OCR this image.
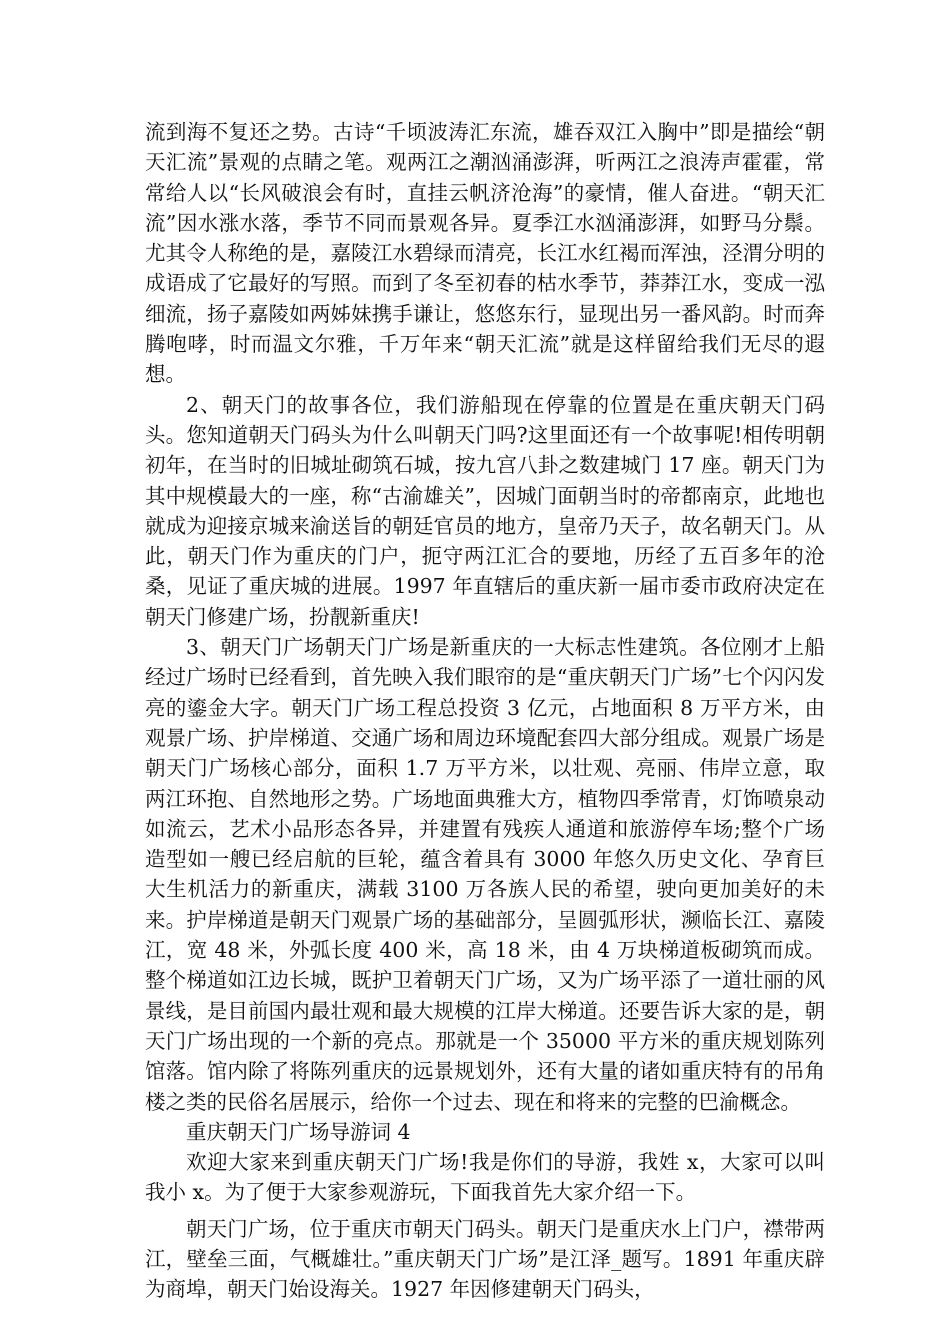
流到海不复还之势。古诗“千顷波涛汇东流，雄吞双江入胸中”即是描绘“朝天汇流”景观的点睛之笔。观两江之潮汹涌澎湃，听两江之浪涛声霍霍，常常给人以“长风破浪会有时，直挂云帆济沧海”的豪情，催人奋进。“朝天汇流”因水涨水落，季节不同而景观各异。夏季江水汹涌澎湃，如野马分鬃。尤其令人称绝的是，嘉陵江水碧绿而清亮，长江水红褐而浑浊，泾渭分明的成语成了它最好的写照。而到了冬至初春的枯水季节，莽莽江水，变成一泓细流，扬子嘉陵如两姊妹携手谦让，悠悠东行，显现出另一番风韵。时而奔腾咆哮，时而温文尔雅，千万年来“朝天汇流”就是这样留给我们无尽的遐想。

2、朝天门的故事各位，我们游船现在停靠的位置是在重庆朝天门码头。您知道朝天门码头为什么叫朝天门吗?这里面还有一个故事呢!相传明朝初年，在当时的旧城址砌筑石城，按九宫八卦之数建城门 17 座。朝天门为其中规模最大的一座，称“古渝雄关”，因城门面朝当时的帝都南京，此地也就成为迎接京城来渝送旨的朝廷官员的地方，皇帝乃天子，故名朝天门。从此，朝天门作为重庆的门户，扼守两江汇合的要地，历经了五百多年的沧桑，见证了重庆城的进展。1997 年直辖后的重庆新一届市委市政府决定在朝天门修建广场，扮靓新重庆!

3、朝天门广场朝天门广场是新重庆的一大标志性建筑。各位刚才上船经过广场时已经看到，首先映入我们眼帘的是“重庆朝天门广场”七个闪闪发亮的鎏金大字。朝天门广场工程总投资 3 亿元，占地面积 8 万平方米，由观景广场、护岸梯道、交通广场和周边环境配套四大部分组成。观景广场是朝天门广场核心部分，面积 1.7 万平方米，以壮观、亮丽、伟岸立意，取两江环抱、自然地形之势。广场地面典雅大方，植物四季常青，灯饰喷泉动如流云，艺术小品形态各异，并建置有残疾人通道和旅游停车场;整个广场造型如一艘已经启航的巨轮，蕴含着具有 3000 年悠久历史文化、孕育巨大生机活力的新重庆，满载 3100 万各族人民的希望，驶向更加美好的未来。护岸梯道是朝天门观景广场的基础部分，呈圆弧形状，濒临长江、嘉陵江，宽 48 米，外弧长度 400 米，高 18 米，由 4 万块梯道板砌筑而成。整个梯道如江边长城，既护卫着朝天门广场，又为广场平添了一道壮丽的风景线，是目前国内最壮观和最大规模的江岸大梯道。还要告诉大家的是，朝天门广场出现的一个新的亮点。那就是一个 35000 平方米的重庆规划陈列馆落。馆内除了将陈列重庆的远景规划外，还有大量的诸如重庆特有的吊角楼之类的民俗名居展示，给你一个过去、现在和将来的完整的巴渝概念。

重庆朝天门广场导游词 4

欢迎大家来到重庆朝天门广场!我是你们的导游，我姓 x，大家可以叫我小 x。为了便于大家参观游玩，下面我首先大家介绍一下。

朝天门广场，位于重庆市朝天门码头。朝天门是重庆水上门户，襟带两江，壁垒三面，气概雄壮。”重庆朝天门广场”是江泽_题写。1891 年重庆辟为商埠，朝天门始设海关。1927 年因修建朝天门码头，
